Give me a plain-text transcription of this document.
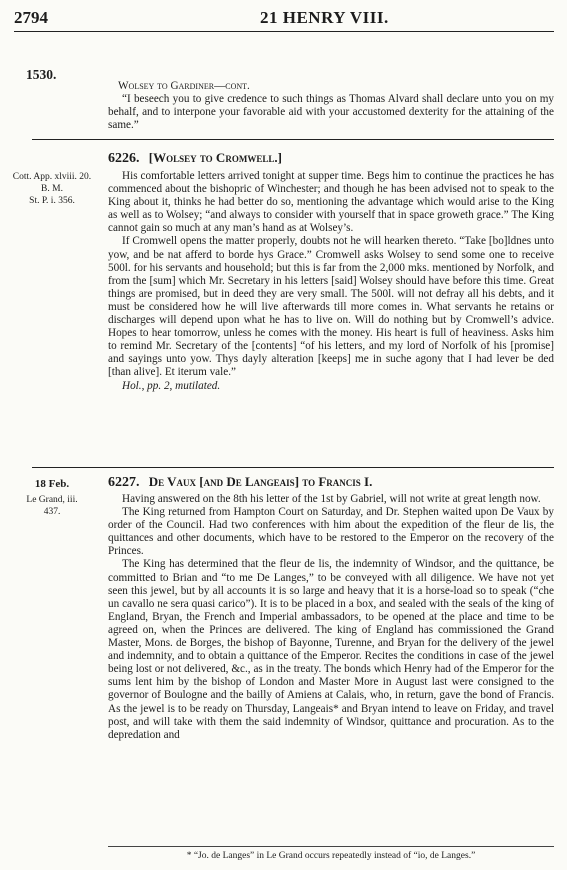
2794	21 HENRY VIII.
1530.

Wolsey to Gardiner—cont.

“I beseech you to give credence to such things as Thomas Alvard shall declare unto you on my behalf, and to interpone your favorable aid with your accustomed dexterity for the attaining of the same.”

Cott. App. xlviii. 20.
B. M.
St. P. i. 356.
6226. [Wolsey to Cromwell.]

His comfortable letters arrived tonight at supper time. Begs him to continue the practices he has commenced about the bishopric of Winchester; and though he has been advised not to speak to the King about it, thinks he had better do so, mentioning the advantage which would arise to the King as well as to Wolsey; “and always to consider with yourself that in space groweth grace.” The King cannot gain so much at any man’s hand as at Wolsey’s.

If Cromwell opens the matter properly, doubts not he will hearken thereto. “Take [bo]ldnes unto yow, and be nat afferd to borde hys Grace.” Cromwell asks Wolsey to send some one to receive 500l. for his servants and household; but this is far from the 2,000 mks. mentioned by Norfolk, and from the [sum] which Mr. Secretary in his letters [said] Wolsey should have before this time. Great things are promised, but in deed they are very small. The 500l. will not defray all his debts, and it must be considered how he will live afterwards till more comes in. What servants he retains or discharges will depend upon what he has to live on. Will do nothing but by Cromwell’s advice. Hopes to hear tomorrow, unless he comes with the money. His heart is full of heaviness. Asks him to remind Mr. Secretary of the [contents] “of his letters, and my lord of Norfolk of his [promise] and sayings unto yow. Thys dayly alteration [keeps] me in suche agony that I had lever be ded [than alive]. Et iterum vale.”

Hol., pp. 2, mutilated.

18 Feb.
Le Grand, iii.
437.
6227. De Vaux [and De Langeais] to Francis I.

Having answered on the 8th his letter of the 1st by Gabriel, will not write at great length now.

The King returned from Hampton Court on Saturday, and Dr. Stephen waited upon De Vaux by order of the Council. Had two conferences with him about the expedition of the fleur de lis, the quittances and other documents, which have to be restored to the Emperor on the recovery of the Princes.

The King has determined that the fleur de lis, the indemnity of Windsor, and the quittance, be committed to Brian and “to me De Langes,” to be conveyed with all diligence. We have not yet seen this jewel, but by all accounts it is so large and heavy that it is a horse-load so to speak (“che un cavallo ne sera quasi carico”). It is to be placed in a box, and sealed with the seals of the king of England, Bryan, the French and Imperial ambassadors, to be opened at the place and time to be agreed on, when the Princes are delivered. The king of England has commissioned the Grand Master, Mons. de Borges, the bishop of Bayonne, Turenne, and Bryan for the delivery of the jewel and indemnity, and to obtain a quittance of the Emperor. Recites the conditions in case of the jewel being lost or not delivered, &c., as in the treaty. The bonds which Henry had of the Emperor for the sums lent him by the bishop of London and Master More in August last were consigned to the governor of Boulogne and the bailly of Amiens at Calais, who, in return, gave the bond of Francis. As the jewel is to be ready on Thursday, Langeais* and Bryan intend to leave on Friday, and travel post, and will take with them the said indemnity of Windsor, quittance and procuration. As to the depredation and

ONLINE
* “Jo. de Langes” in Le Grand occurs repeatedly instead of “io, de Langes.”
